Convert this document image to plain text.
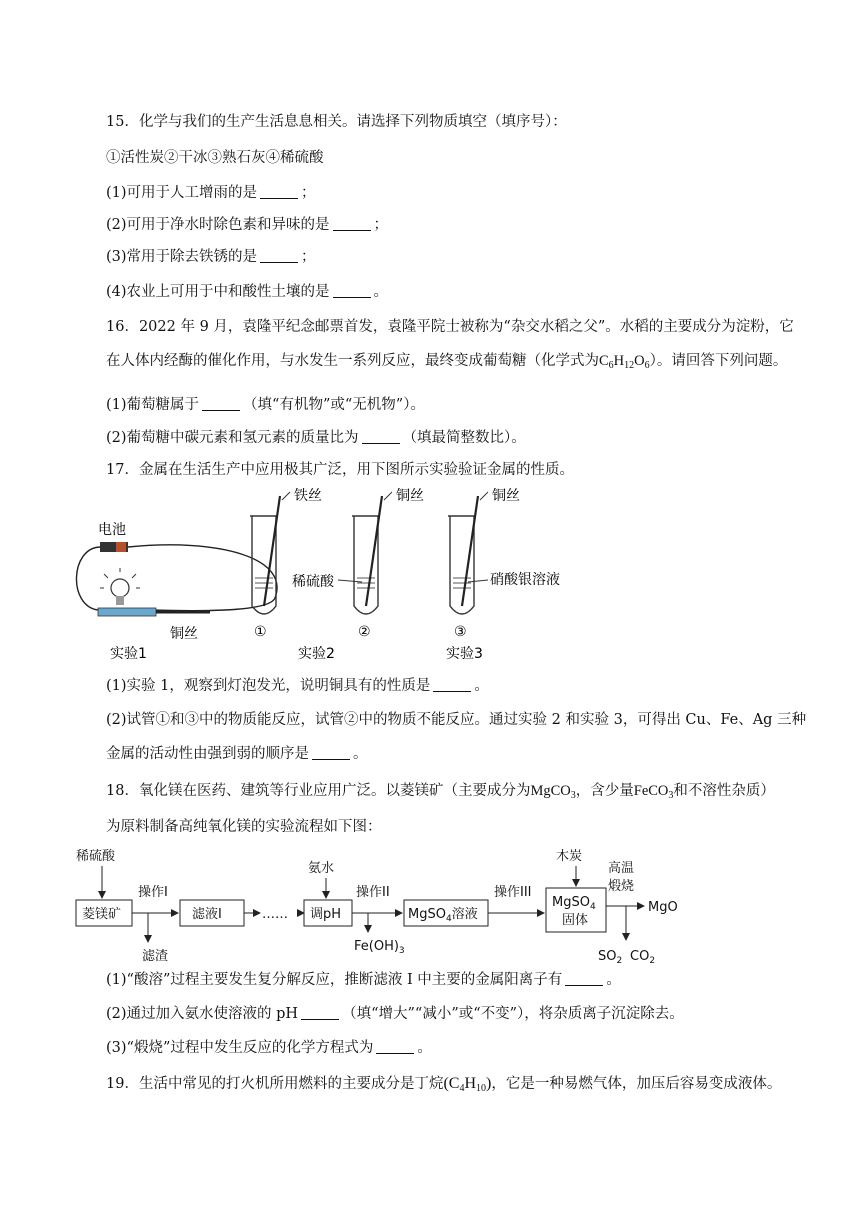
15．化学与我们的生产生活息息相关。请选择下列物质填空（填序号）：
①活性炭②干冰③熟石灰④稀硫酸
(1)可用于人工增雨的是	；
(2)可用于净水时除色素和异味的是	；
(3)常用于除去铁锈的是	；
(4)农业上可用于中和酸性土壤的是	。
16．2022 年 9 月，袁隆平纪念邮票首发，袁隆平院士被称为“杂交水稻之父”。水稻的主要成分为淀粉，它
在人体内经酶的催化作用，与水发生一系列反应，最终变成葡萄糖（化学式为$C_6H_{12}O_6$）。请回答下列问题。
(1)葡萄糖属于	（填“有机物”或“无机物”）。
(2)葡萄糖中碳元素和氢元素的质量比为	（填最简整数比）。
17．金属在生活生产中应用极其广泛，用下图所示实验验证金属的性质。
电池
铜丝
实验1
铁丝
①
铜丝
稀硫酸
②
实验2
铜丝
硝酸银溶液
③
实验3
(1)实验 1，观察到灯泡发光，说明铜具有的性质是	。
(2)试管①和③中的物质能反应，试管②中的物质不能反应。通过实验 2 和实验 3，可得出 Cu、Fe、Ag 三种
金属的活动性由强到弱的顺序是	。
18．氧化镁在医药、建筑等行业应用广泛。以菱镁矿（主要成分为MgCO$_3$，含少量FeCO$_3$和不溶性杂质）
为原料制备高纯氧化镁的实验流程如下图：
稀硫酸
菱镁矿
操作I
滤渣
滤液I	……
氨水
调pH
操作II
$Fe(OH)_3$
MgSO$_4$溶液
操作III
木炭
MgSO$_4$
固体
高温
煅烧
MgO
$SO_2$ $CO_2$
(1)“酸溶”过程主要发生复分解反应，推断滤液 I 中主要的金属阳离子有	。
(2)通过加入氨水使溶液的 pH	（填“增大”“减小”或“不变”），将杂质离子沉淀除去。
(3)“煅烧”过程中发生反应的化学方程式为	。
19．生活中常见的打火机所用燃料的主要成分是丁烷$(C_4H_{10})$，它是一种易燃气体，加压后容易变成液体。
